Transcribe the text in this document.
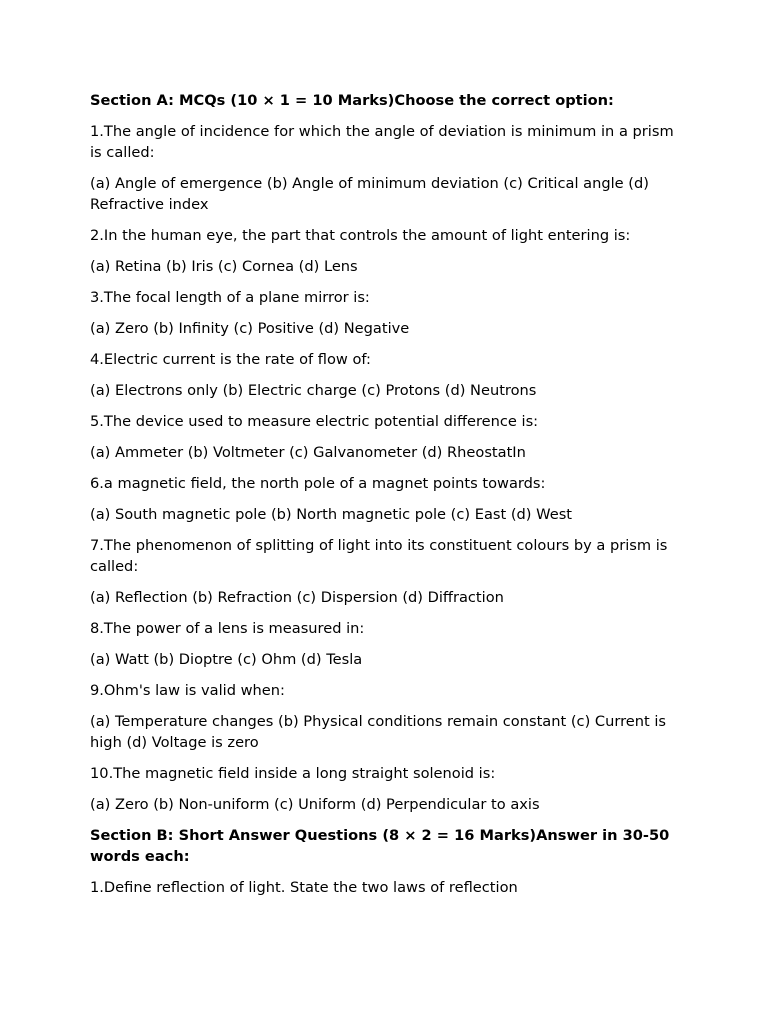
Section A: MCQs (10 × 1 = 10 Marks)Choose the correct option:

1.The angle of incidence for which the angle of deviation is minimum in a prism is called:

(a) Angle of emergence (b) Angle of minimum deviation (c) Critical angle (d) Refractive index

2.In the human eye, the part that controls the amount of light entering is:

(a) Retina (b) Iris (c) Cornea (d) Lens

3.The focal length of a plane mirror is:

(a) Zero (b) Infinity (c) Positive (d) Negative

4.Electric current is the rate of flow of:

(a) Electrons only (b) Electric charge (c) Protons (d) Neutrons

5.The device used to measure electric potential difference is:

(a) Ammeter (b) Voltmeter (c) Galvanometer (d) RheostatIn

6.a magnetic field, the north pole of a magnet points towards:

(a) South magnetic pole (b) North magnetic pole (c) East (d) West

7.The phenomenon of splitting of light into its constituent colours by a prism is called:

(a) Reflection (b) Refraction (c) Dispersion (d) Diffraction

8.The power of a lens is measured in:

(a) Watt (b) Dioptre (c) Ohm (d) Tesla

9.Ohm's law is valid when:

(a) Temperature changes (b) Physical conditions remain constant (c) Current is high (d) Voltage is zero

10.The magnetic field inside a long straight solenoid is:

(a) Zero (b) Non-uniform (c) Uniform (d) Perpendicular to axis

Section B: Short Answer Questions (8 × 2 = 16 Marks)Answer in 30-50 words each:

1.Define reflection of light. State the two laws of reflection
